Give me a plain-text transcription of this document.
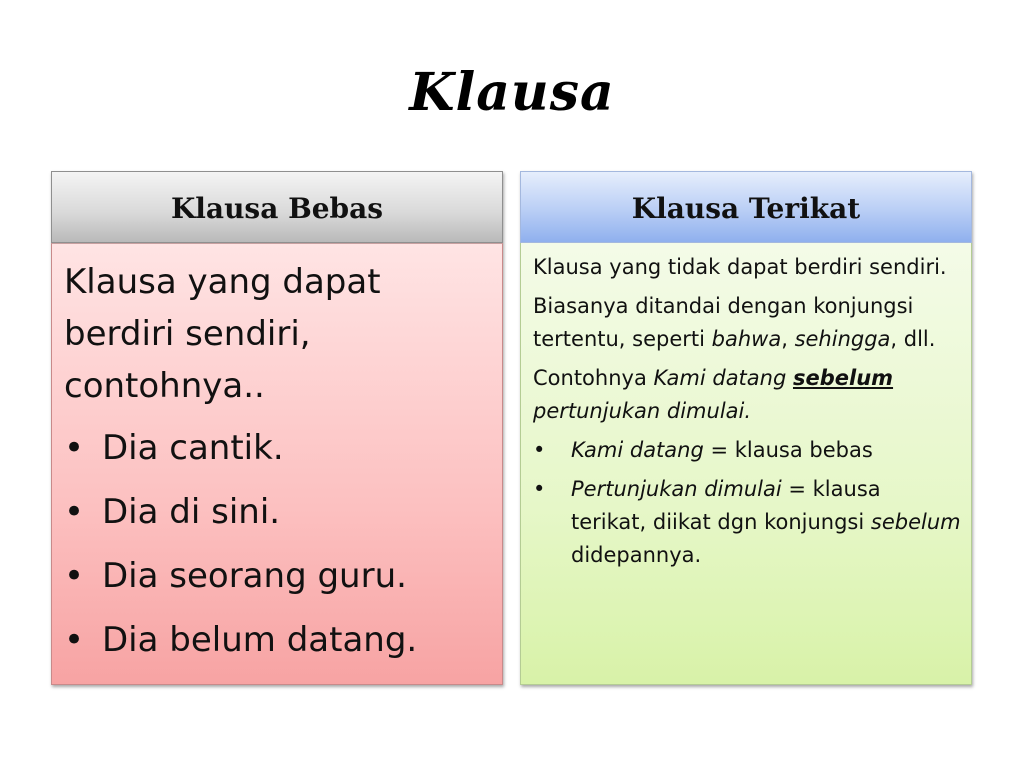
Klausa
Klausa Bebas
Klausa yang dapat berdiri sendiri, contohnya..
• Dia cantik.
• Dia di sini.
• Dia seorang guru.
• Dia belum datang.
Klausa Terikat

Klausa yang tidak dapat berdiri sendiri.

Biasanya ditandai dengan konjungsi tertentu, seperti bahwa, sehingga, dll.

Contohnya Kami datang sebelum pertunjukan dimulai.

• Kami datang = klausa bebas
• Pertunjukan dimulai = klausa terikat, diikat dgn konjungsi sebelum didepannya.
